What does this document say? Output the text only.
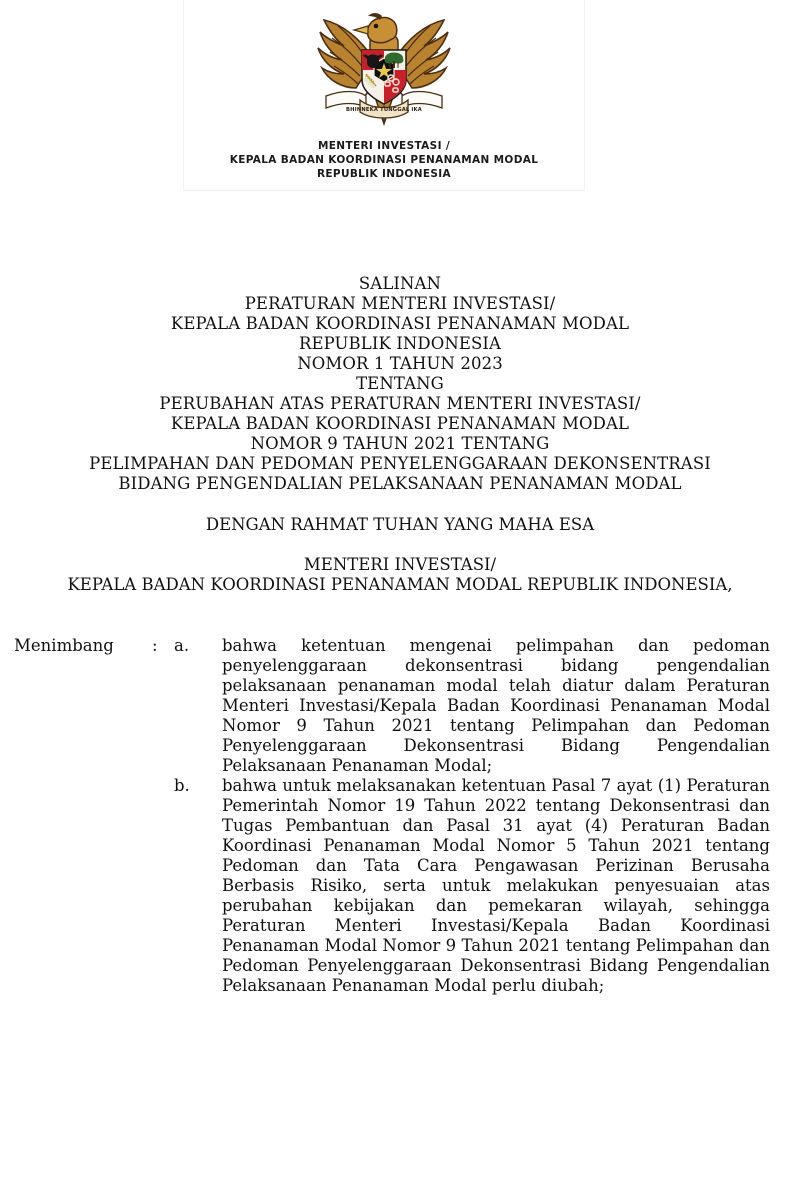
BHINNEKA TUNGGAL IKA
MENTERI INVESTASI /
KEPALA BADAN KOORDINASI PENANAMAN MODAL
REPUBLIK INDONESIA
SALINAN
PERATURAN MENTERI INVESTASI/
KEPALA BADAN KOORDINASI PENANAMAN MODAL
REPUBLIK INDONESIA
NOMOR 1 TAHUN 2023
TENTANG
PERUBAHAN ATAS PERATURAN MENTERI INVESTASI/
KEPALA BADAN KOORDINASI PENANAMAN MODAL
NOMOR 9 TAHUN 2021 TENTANG
PELIMPAHAN DAN PEDOMAN PENYELENGGARAAN DEKONSENTRASI
BIDANG PENGENDALIAN PELAKSANAAN PENANAMAN MODAL
DENGAN RAHMAT TUHAN YANG MAHA ESA
MENTERI INVESTASI/
KEPALA BADAN KOORDINASI PENANAMAN MODAL REPUBLIK INDONESIA,
Menimbang : a. bahwa ketentuan mengenai pelimpahan dan pedoman penyelenggaraan dekonsentrasi bidang pengendalian pelaksanaan penanaman modal telah diatur dalam Peraturan Menteri Investasi/Kepala Badan Koordinasi Penanaman Modal Nomor 9 Tahun 2021 tentang Pelimpahan dan Pedoman Penyelenggaraan Dekonsentrasi Bidang Pengendalian Pelaksanaan Penanaman Modal;
b. bahwa untuk melaksanakan ketentuan Pasal 7 ayat (1) Peraturan Pemerintah Nomor 19 Tahun 2022 tentang Dekonsentrasi dan Tugas Pembantuan dan Pasal 31 ayat (4) Peraturan Badan Koordinasi Penanaman Modal Nomor 5 Tahun 2021 tentang Pedoman dan Tata Cara Pengawasan Perizinan Berusaha Berbasis Risiko, serta untuk melakukan penyesuaian atas perubahan kebijakan dan pemekaran wilayah, sehingga Peraturan Menteri Investasi/Kepala Badan Koordinasi Penanaman Modal Nomor 9 Tahun 2021 tentang Pelimpahan dan Pedoman Penyelenggaraan Dekonsentrasi Bidang Pengendalian Pelaksanaan Penanaman Modal perlu diubah;
